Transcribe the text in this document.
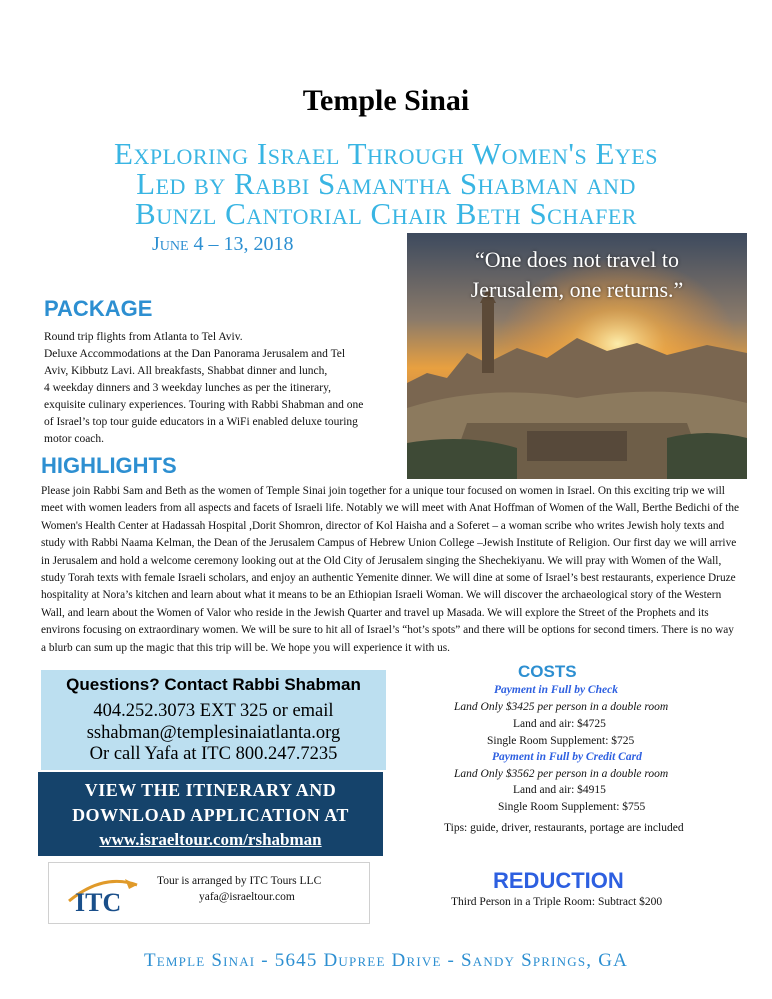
Temple Sinai
Exploring Israel Through Women's Eyes
Led by Rabbi Samantha Shabman and
Bunzl Cantorial Chair Beth Schafer
June 4 – 13, 2018
PACKAGE
Round trip flights from Atlanta to Tel Aviv.
Deluxe Accommodations at the Dan Panorama Jerusalem and Tel
Aviv, Kibbutz Lavi. All breakfasts, Shabbat dinner and lunch,
4 weekday dinners and 3 weekday lunches as per the itinerary,
exquisite culinary experiences. Touring with Rabbi Shabman and one
of Israel’s top tour guide educators in a WiFi enabled deluxe touring
motor coach.
“One does not travel to
Jerusalem, one returns.”
HIGHLIGHTS
Please join Rabbi Sam and Beth as the women of Temple Sinai join together for a unique tour focused on women in Israel. On this exciting trip we will meet with women leaders from all aspects and facets of Israeli life. Notably we will meet with Anat Hoffman of Women of the Wall, Berthe Bedichi of the Women's Health Center at Hadassah Hospital ,Dorit Shomron, director of Kol Haisha and a Soferet – a woman scribe who writes Jewish holy texts and study with Rabbi Naama Kelman, the Dean of the Jerusalem Campus of Hebrew Union College –Jewish Institute of Religion. Our first day we will arrive in Jerusalem and hold a welcome ceremony looking out at the Old City of Jerusalem singing the Shechekiyanu. We will pray with Women of the Wall, study Torah texts with female Israeli scholars, and enjoy an authentic Yemenite dinner. We will dine at some of Israel’s best restaurants, experience Druze hospitality at Nora’s kitchen and learn about what it means to be an Ethiopian Israeli Woman. We will discover the archaeological story of the Western Wall, and learn about the Women of Valor who reside in the Jewish Quarter and travel up Masada. We will explore the Street of the Prophets and its environs focusing on extraordinary women. We will be sure to hit all of Israel’s “hot’s spots” and there will be options for second timers. There is no way a blurb can sum up the magic that this trip will be. We hope you will experience it with us.
Questions? Contact Rabbi Shabman
404.252.3073 EXT 325 or email
sshabman@templesinaiatlanta.org
Or call Yafa at ITC 800.247.7235
VIEW THE ITINERARY AND
DOWNLOAD APPLICATION AT
www.israeltour.com/rshabman
ITC
Tour is arranged by ITC Tours LLC
yafa@israeltour.com
COSTS
Payment in Full by Check
Land Only $3425 per person in a double room
Land and air: $4725
Single Room Supplement: $725
Payment in Full by Credit Card
Land Only $3562 per person in a double room
Land and air: $4915
Single Room Supplement: $755
Tips: guide, driver, restaurants, portage are included
REDUCTION
Third Person in a Triple Room: Subtract $200
Temple Sinai - 5645 Dupree Drive - Sandy Springs, GA
